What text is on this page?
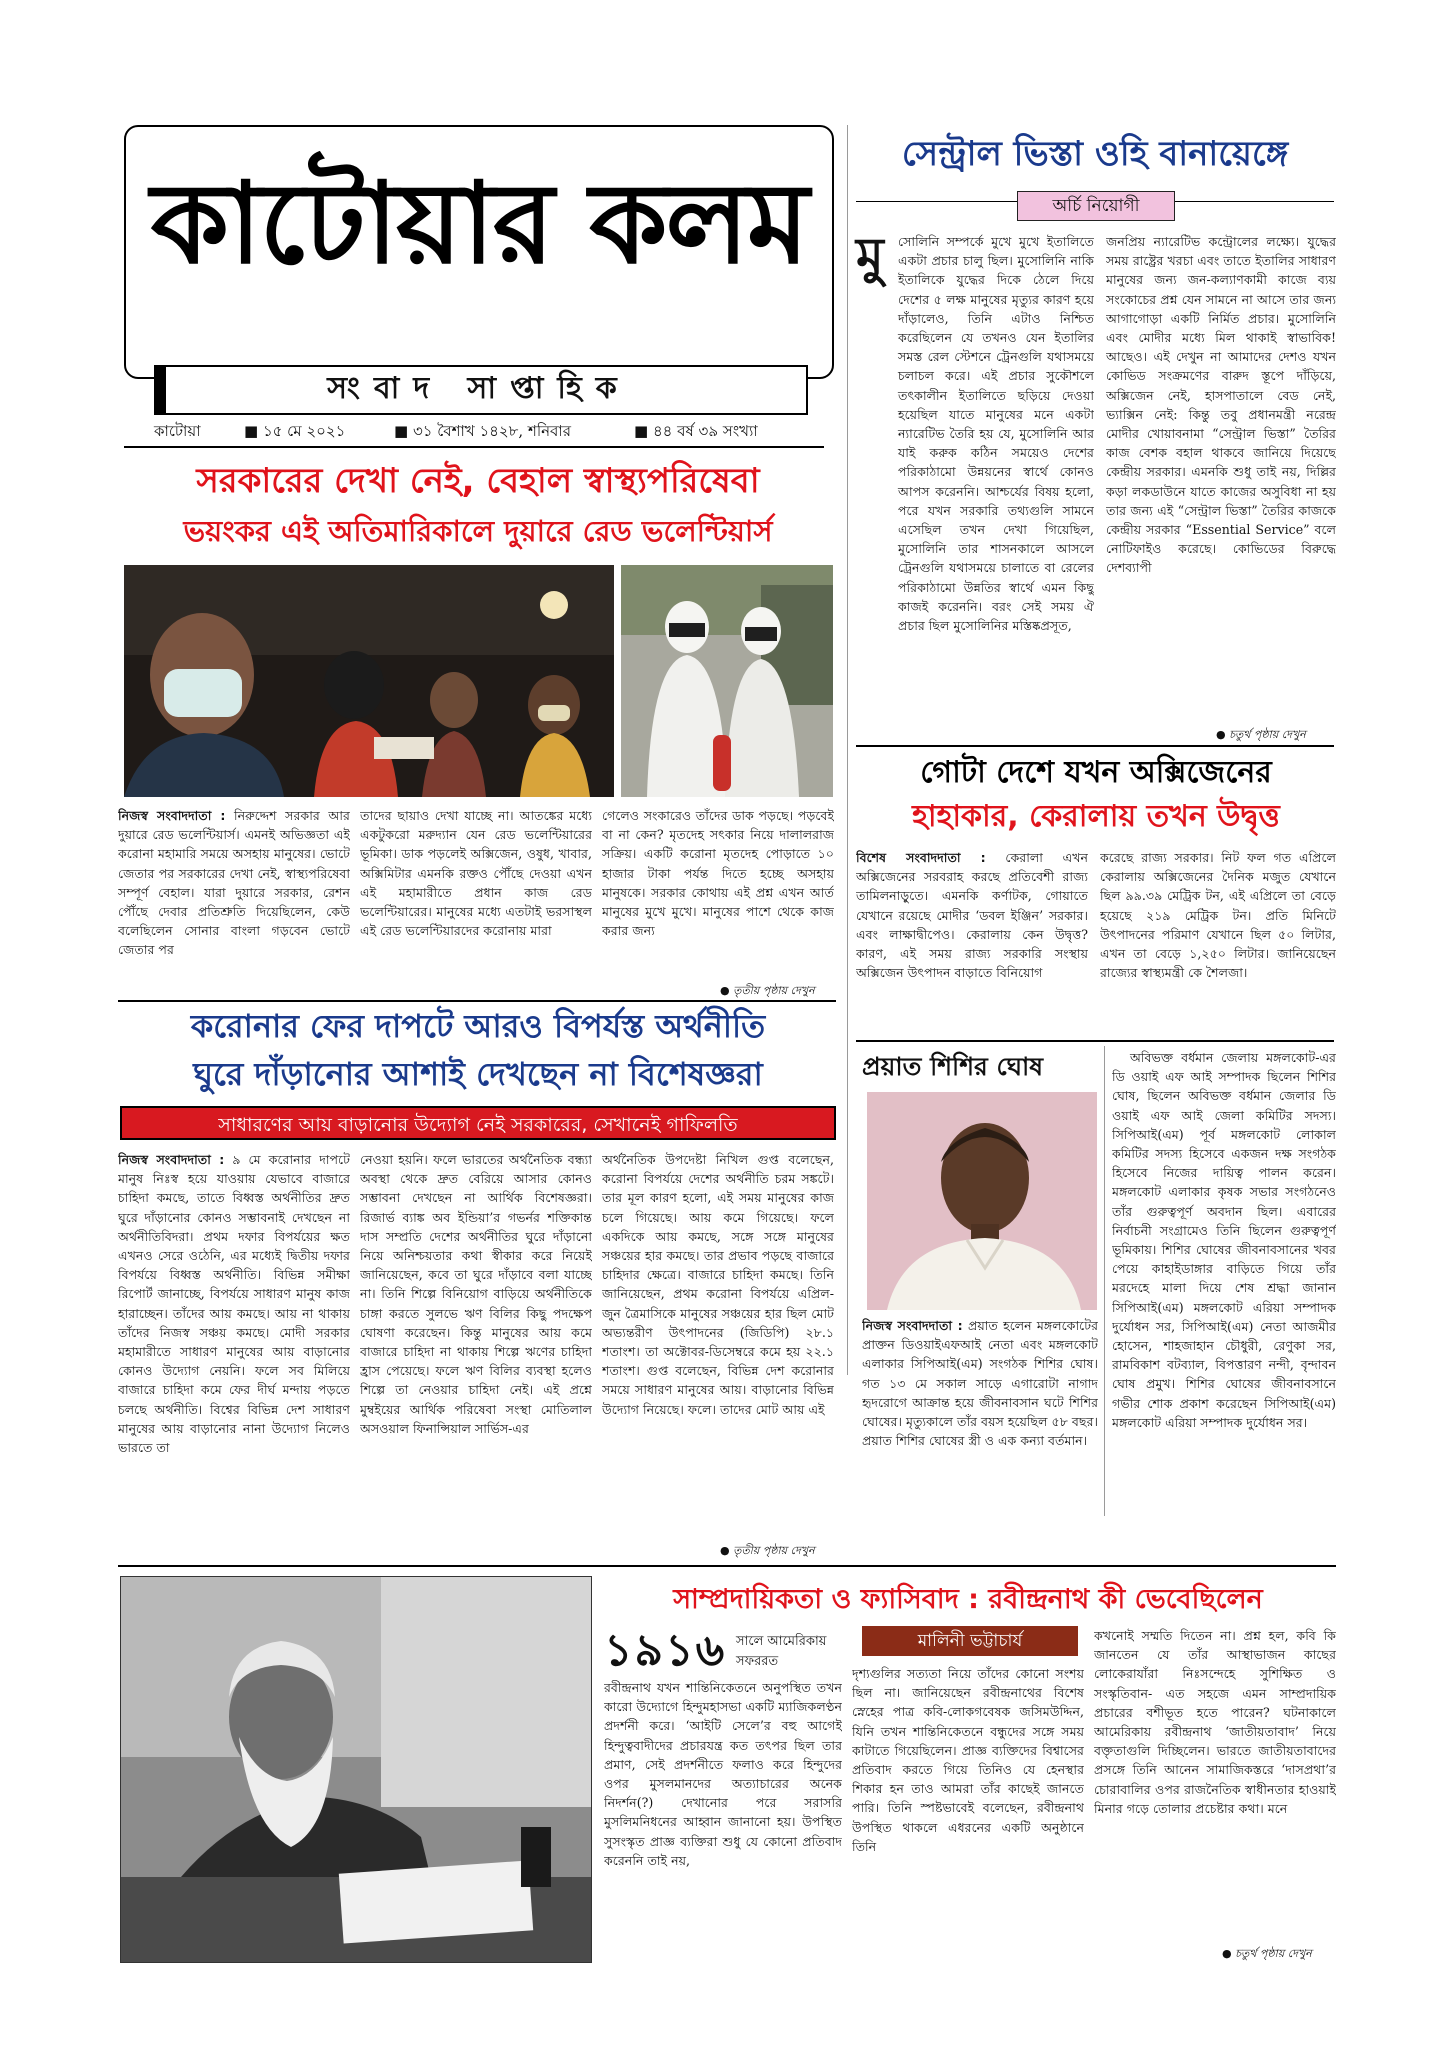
কাটোয়ার কলম
সংবাদ সাপ্তাহিক
কাটোয়া	■ ১৫ মে ২০২১	■ ৩১ বৈশাখ ১৪২৮, শনিবার	■ ৪৪ বর্ষ ৩৯ সংখ্যা
সেন্ট্রাল ভিস্তা ওহি বানায়েঙ্গে
অর্চি নিয়োগী
মু	সোলিনি সম্পর্কে মুখে মুখে ইতালিতে একটা প্রচার চালু ছিল। মুসোলিনি নাকি ইতালিকে যুদ্ধের দিকে ঠেলে দিয়ে দেশের ৫ লক্ষ মানুষের মৃত্যুর কারণ হয়ে দাঁড়ালেও, তিনি এটাও নিশ্চিত করেছিলেন যে তখনও যেন ইতালির সমস্ত রেল স্টেশনে ট্রেনগুলি যথাসময়ে চলাচল করে। এই প্রচার সুকৌশলে তৎকালীন ইতালিতে ছড়িয়ে দেওয়া হয়েছিল যাতে মানুষের মনে একটা ন্যারেটিভ তৈরি হয় যে, মুসোলিনি আর যাই করুক কঠিন সময়েও দেশের পরিকাঠামো উন্নয়নের স্বার্থে কোনও আপস করেননি। আশ্চর্যের বিষয় হলো, পরে যখন সরকারি তথ্যগুলি সামনে এসেছিল তখন দেখা গিয়েছিল, মুসোলিনি তার শাসনকালে আসলে ট্রেনগুলি যথাসময়ে চালাতে বা রেলের পরিকাঠামো উন্নতির স্বার্থে এমন কিছু কাজই করেননি। বরং সেই সময় ঐ প্রচার ছিল মুসোলিনির মস্তিষ্কপ্রসূত,

জনপ্রিয় ন্যারেটিভ কন্ট্রোলের লক্ষ্যে। যুদ্ধের সময় রাষ্ট্রের খরচা এবং তাতে ইতালির সাধারণ মানুষের জন্য জন-কল্যাণকামী কাজে ব্যয় সংকোচের প্রশ্ন যেন সামনে না আসে তার জন্য আগাগোড়া একটি নির্মিত প্রচার। মুসোলিনি এবং মোদীর মধ্যে মিল থাকাই স্বাভাবিক! আছেও। এই দেখুন না আমাদের দেশও যখন কোভিড সংক্রমণের বারুদ স্তূপে দাঁড়িয়ে, অক্সিজেন নেই, হাসপাতালে বেড নেই, ভ্যাক্সিন নেই: কিন্তু তবু প্রধানমন্ত্রী নরেন্দ্র মোদীর খোয়াবনামা “সেন্ট্রাল ভিস্তা” তৈরির কাজ বেশক বহাল থাকবে জানিয়ে দিয়েছে কেন্দ্রীয় সরকার। এমনকি শুধু তাই নয়, দিল্লির কড়া লকডাউনে যাতে কাজের অসুবিধা না হয় তার জন্য এই “সেন্ট্রাল ভিস্তা” তৈরির কাজকে কেন্দ্রীয় সরকার “Essential Service” বলে নোটিফাইও করেছে। কোভিডের বিরুদ্ধে দেশব্যাপী

● চতুর্থ পৃষ্ঠায় দেখুন
গোটা দেশে যখন অক্সিজেনের
হাহাকার, কেরালায় তখন উদ্বৃত্ত

বিশেষ সংবাদদাতা : কেরালা এখন অক্সিজেনের সরবরাহ করছে প্রতিবেশী রাজ্য তামিলনাড়ুতে। এমনকি কর্ণাটক, গোয়াতে যেখানে রয়েছে মোদীর ‘ডবল ইঞ্জিন’ সরকার। এবং লাক্ষাদ্বীপেও। কেরালায় কেন উদ্বৃত্ত? কারণ, এই সময় রাজ্য সরকারি সংস্থায় অক্সিজেন উৎপাদন বাড়াতে বিনিয়োগ

করেছে রাজ্য সরকার। নিট ফল গত এপ্রিলে কেরালায় অক্সিজেনের দৈনিক মজুত যেখানে ছিল ৯৯.৩৯ মেট্রিক টন, এই এপ্রিলে তা বেড়ে হয়েছে ২১৯ মেট্রিক টন। প্রতি মিনিটে উৎপাদনের পরিমাণ যেখানে ছিল ৫০ লিটার, এখন তা বেড়ে ১,২৫০ লিটার। জানিয়েছেন রাজ্যের স্বাস্থ্যমন্ত্রী কে শৈলজা।

প্রয়াত শিশির ঘোষ

নিজস্ব সংবাদদাতা : প্রয়াত হলেন মঙ্গলকোটের প্রাক্তন ডিওয়াইএফআই নেতা এবং মঙ্গলকোট এলাকার সিপিআই(এম) সংগঠক শিশির ঘোষ। গত ১৩ মে সকাল সাড়ে এগারোটা নাগাদ হৃদরোগে আক্রান্ত হয়ে জীবনাবসান ঘটে শিশির ঘোষের। মৃত্যুকালে তাঁর বয়স হয়েছিল ৫৮ বছর। প্রয়াত শিশির ঘোষের স্ত্রী ও এক কন্যা বর্তমান।

অবিভক্ত বর্ধমান জেলায় মঙ্গলকোট-এর ডি ওয়াই এফ আই সম্পাদক ছিলেন শিশির ঘোষ, ছিলেন অবিভক্ত বর্ধমান জেলার ডি ওয়াই এফ আই জেলা কমিটির সদস্য। সিপিআই(এম) পূর্ব মঙ্গলকোট লোকাল কমিটির সদস্য হিসেবে একজন দক্ষ সংগঠক হিসেবে নিজের দায়িত্ব পালন করেন। মঙ্গলকোট এলাকার কৃষক সভার সংগঠনেও তাঁর গুরুত্বপূর্ণ অবদান ছিল। এবারের নির্বাচনী সংগ্রামেও তিনি ছিলেন গুরুত্বপূর্ণ ভূমিকায়। শিশির ঘোষের জীবনাবসানের খবর পেয়ে কাহাইডাঙ্গার বাড়িতে গিয়ে তাঁর মরদেহে মালা দিয়ে শেষ শ্রদ্ধা জানান সিপিআই(এম) মঙ্গলকোট এরিয়া সম্পাদক দুর্যোধন সর, সিপিআই(এম) নেতা আজমীর হোসেন, শাহজাহান চৌধুরী, রেণুকা সর, রামবিকাশ বটব্যাল, বিপত্তারণ নন্দী, বৃন্দাবন ঘোষ প্রমুখ। শিশির ঘোষের জীবনাবসানে গভীর শোক প্রকাশ করেছেন সিপিআই(এম) মঙ্গলকোট এরিয়া সম্পাদক দুর্যোধন সর।

সরকারের দেখা নেই, বেহাল স্বাস্থ্যপরিষেবা
ভয়ংকর এই অতিমারিকালে দুয়ারে রেড ভলেন্টিয়ার্স

নিজস্ব সংবাদদাতা : নিরুদ্দেশ সরকার আর দুয়ারে রেড ভলেন্টিয়ার্স। এমনই অভিজ্ঞতা এই করোনা মহামারি সময়ে অসহায় মানুষের। ভোটে জেতার পর সরকারের দেখা নেই, স্বাস্থ্যপরিষেবা সম্পূর্ণ বেহাল। যারা দুয়ারে সরকার, রেশন পৌঁছে দেবার প্রতিশ্রুতি দিয়েছিলেন, কেউ বলেছিলেন সোনার বাংলা গড়বেন ভোটে জেতার পর

তাদের ছায়াও দেখা যাচ্ছে না। আতঙ্কের মধ্যে একটুকরো মরুদ্যান যেন রেড ভলেন্টিয়ারের ভূমিকা। ডাক পড়লেই অক্সিজেন, ওষুধ, খাবার, অক্সিমিটার এমনকি রক্তও পৌঁছে দেওয়া এখন এই মহামারীতে প্রধান কাজ রেড ভলেন্টিয়ারের। মানুষের মধ্যে এতটাই ভরসাস্থল এই রেড ভলেন্টিয়ারদের করোনায় মারা

গেলেও সংকারেও তাঁদের ডাক পড়ছে। পড়বেই বা না কেন? মৃতদেহ সৎকার নিয়ে দালালরাজ সক্রিয়। একটি করোনা মৃতদেহ পোড়াতে ১০ হাজার টাকা পর্যন্ত দিতে হচ্ছে অসহায় মানুষকে। সরকার কোথায় এই প্রশ্ন এখন আর্ত মানুষের মুখে মুখে। মানুষের পাশে থেকে কাজ করার জন্য

● তৃতীয় পৃষ্ঠায় দেখুন
করোনার ফের দাপটে আরও বিপর্যস্ত অর্থনীতি
ঘুরে দাঁড়ানোর আশাই দেখছেন না বিশেষজ্ঞরা
সাধারণের আয় বাড়ানোর উদ্যোগ নেই সরকারের, সেখানেই গাফিলতি

নিজস্ব সংবাদদাতা : ৯ মে করোনার দাপটে মানুষ নিঃস্ব হয়ে যাওয়ায় যেভাবে বাজারে চাহিদা কমছে, তাতে বিধ্বস্ত অর্থনীতির দ্রুত ঘুরে দাঁড়ানোর কোনও সম্ভাবনাই দেখছেন না অর্থনীতিবিদরা। প্রথম দফার বিপর্যয়ের ক্ষত এখনও সেরে ওঠেনি, এর মধ্যেই দ্বিতীয় দফার বিপর্যয়ে বিধ্বস্ত অর্থনীতি। বিভিন্ন সমীক্ষা রিপোর্ট জানাচ্ছে, বিপর্যয়ে সাধারণ মানুষ কাজ হারাচ্ছেন। তাঁদের আয় কমছে। আয় না থাকায় তাঁদের নিজস্ব সঞ্চয় কমছে। মোদী সরকার মহামারীতে সাধারণ মানুষের আয় বাড়ানোর কোনও উদ্যোগ নেয়নি। ফলে সব মিলিয়ে বাজারে চাহিদা কমে ফের দীর্ঘ মন্দায় পড়তে চলছে অর্থনীতি। বিশ্বের বিভিন্ন দেশ সাধারণ মানুষের আয় বাড়ানোর নানা উদ্যোগ নিলেও ভারতে তা

নেওয়া হয়নি। ফলে ভারতের অর্থনৈতিক বন্ধ্যা অবস্থা থেকে দ্রুত বেরিয়ে আসার কোনও সম্ভাবনা দেখছেন না আর্থিক বিশেষজ্ঞরা। রিজার্ভ ব্যাঙ্ক অব ইন্ডিয়া’র গভর্নর শক্তিকান্ত দাস সম্প্রতি দেশের অর্থনীতির ঘুরে দাঁড়ানো নিয়ে অনিশ্চয়তার কথা স্বীকার করে নিয়েই জানিয়েছেন, কবে তা ঘুরে দাঁড়াবে বলা যাচ্ছে না। তিনি শিল্পে বিনিয়োগ বাড়িয়ে অর্থনীতিকে চাঙ্গা করতে সুলভে ঋণ বিলির কিছু পদক্ষেপ ঘোষণা করেছেন। কিন্তু মানুষের আয় কমে বাজারে চাহিদা না থাকায় শিল্পে ঋণের চাহিদা হ্রাস পেয়েছে। ফলে ঋণ বিলির ব্যবস্থা হলেও শিল্পে তা নেওয়ার চাহিদা নেই। এই প্রশ্নে মুম্বইয়ের আর্থিক পরিষেবা সংস্থা মোতিলাল অসওয়াল ফিনান্সিয়াল সার্ভিস-এর

অর্থনৈতিক উপদেষ্টা নিখিল গুপ্ত বলেছেন, করোনা বিপর্যয়ে দেশের অর্থনীতি চরম সঙ্কটে। তার মূল কারণ হলো, এই সময় মানুষের কাজ চলে গিয়েছে। আয় কমে গিয়েছে। ফলে একদিকে আয় কমছে, সঙ্গে সঙ্গে মানুষের সঞ্চয়ের হার কমছে। তার প্রভাব পড়ছে বাজারে চাহিদার ক্ষেত্রে। বাজারে চাহিদা কমছে। তিনি জানিয়েছেন, প্রথম করোনা বিপর্যয়ে এপ্রিল-জুন ত্রৈমাসিকে মানুষের সঞ্চয়ের হার ছিল মোট অভ্যন্তরীণ উৎপাদনের (জিডিপি) ২৮.১ শতাংশ। তা অক্টোবর-ডিসেম্বরে কমে হয় ২২.১ শতাংশ। গুপ্ত বলেছেন, বিভিন্ন দেশ করোনার সময়ে সাধারণ মানুষের আয়। বাড়ানোর বিভিন্ন উদ্যোগ নিয়েছে। ফলে। তাদের মোট আয় এই

● তৃতীয় পৃষ্ঠায় দেখুন
সাম্প্রদায়িকতা ও ফ্যাসিবাদ : রবীন্দ্রনাথ কী ভেবেছিলেন
১৯১৬ সালে আমেরিকায়
সফররত
মালিনী ভট্টাচার্য

রবীন্দ্রনাথ যখন শান্তিনিকেতনে অনুপস্থিত তখন কারো উদ্যোগে হিন্দুমহাসভা একটি ম্যাজিকলণ্ঠন প্রদর্শনী করে। ‘আইটি সেলে’র বহু আগেই হিন্দুত্ববাদীদের প্রচারযন্ত্র কত তৎপর ছিল তার প্রমাণ, সেই প্রদর্শনীতে ফলাও করে হিন্দুদের ওপর মুসলমানদের অত্যাচারের অনেক নিদর্শন(?) দেখানোর পরে সরাসরি মুসলিমনিধনের আহ্বান জানানো হয়। উপস্থিত সুসংস্কৃত প্রাজ্ঞ ব্যক্তিরা শুধু যে কোনো প্রতিবাদ করেননি তাই নয়,

দৃশ্যগুলির সত্যতা নিয়ে তাঁদের কোনো সংশয় ছিল না। জানিয়েছেন রবীন্দ্রনাথের বিশেষ স্নেহের পাত্র কবি-লোকগবেষক জসিমউদ্দিন, যিনি তখন শান্তিনিকেতনে বন্ধুদের সঙ্গে সময় কাটাতে গিয়েছিলেন। প্রাজ্ঞ ব্যক্তিদের বিশ্বাসের প্রতিবাদ করতে গিয়ে তিনিও যে হেনস্থার শিকার হন তাও আমরা তাঁর কাছেই জানতে পারি। তিনি স্পষ্টভাবেই বলেছেন, রবীন্দ্রনাথ উপস্থিত থাকলে এধরনের একটি অনুষ্ঠানে তিনি

কখনোই সম্মতি দিতেন না। প্রশ্ন হল, কবি কি জানতেন যে তাঁর আস্থাভাজন কাছের লোকেরাযাঁরা নিঃসন্দেহে সুশিক্ষিত ও সংস্কৃতিবান- এত সহজে এমন সাম্প্রদায়িক প্রচারের বশীভূত হতে পারেন? ঘটনাকালে আমেরিকায় রবীন্দ্রনাথ ‘জাতীয়তাবাদ’ নিয়ে বক্তৃতাগুলি দিচ্ছিলেন। ভারতে জাতীয়তাবাদের প্রসঙ্গে তিনি আনেন সামাজিকস্তরে ‘দাসপ্রথা’র চোরাবালির ওপর রাজনৈতিক স্বাধীনতার হাওয়াই মিনার গড়ে তোলার প্রচেষ্টার কথা। মনে

● চতুর্থ পৃষ্ঠায় দেখুন
